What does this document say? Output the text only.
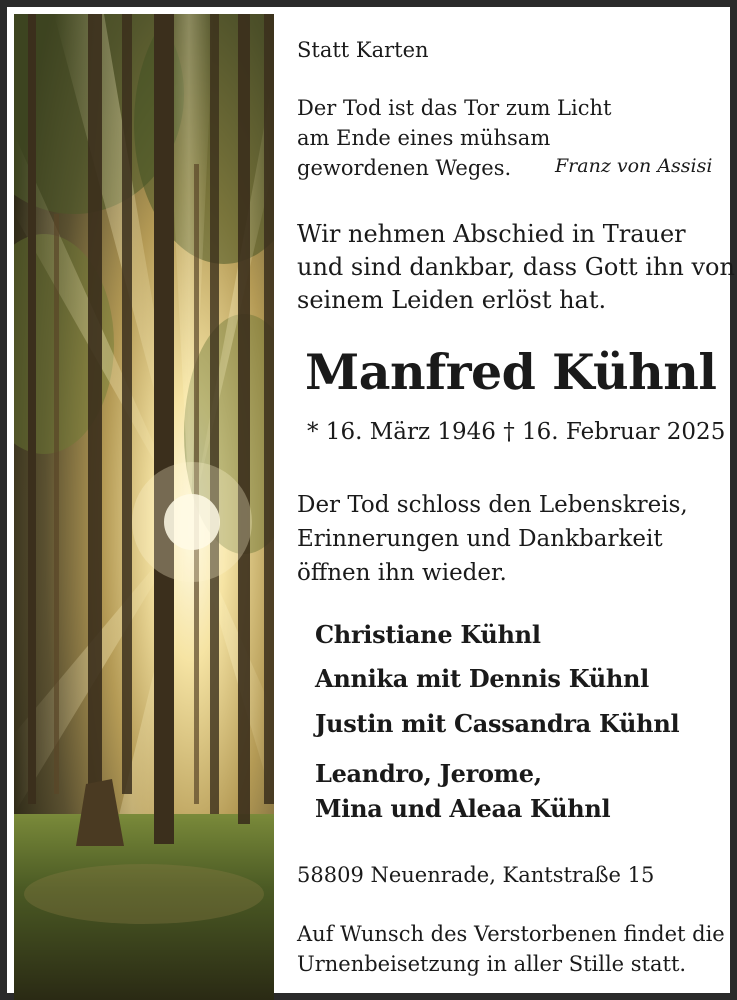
Statt Karten
Der Tod ist das Tor zum Licht
am Ende eines mühsam
gewordenen Weges. Franz von Assisi
Wir nehmen Abschied in Trauer
und sind dankbar, dass Gott ihn von
seinem Leiden erlöst hat.
Manfred Kühnl
* 16. März 1946 † 16. Februar 2025
Der Tod schloss den Lebenskreis,
Erinnerungen und Dankbarkeit
öffnen ihn wieder.
Christiane Kühnl
Annika mit Dennis Kühnl
Justin mit Cassandra Kühnl
Leandro, Jerome,
Mina und Aleaa Kühnl
58809 Neuenrade, Kantstraße 15
Auf Wunsch des Verstorbenen findet die
Urnenbeisetzung in aller Stille statt.
